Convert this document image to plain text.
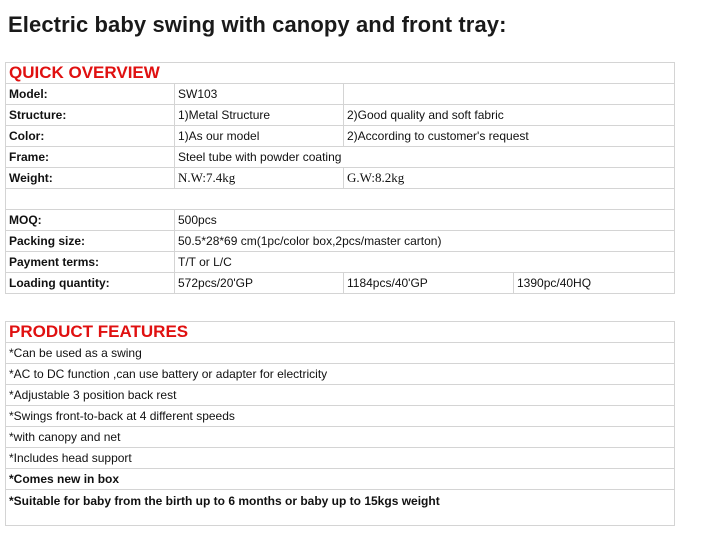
Electric baby swing with canopy and front tray:
QUICK OVERVIEW			
Model:	SW103		
Structure:	1)Metal Structure	2)Good quality and soft fabric	
Color:	1)As our model	2)According to customer's request	
Frame:	Steel tube with powder coating		
Weight:	N.W:7.4kg	G.W:8.2kg	

MOQ:	500pcs		
Packing size:	50.5*28*69 cm(1pc/color box,2pcs/master carton)		
Payment terms:	T/T or L/C		
Loading quantity:	572pcs/20'GP	1184pcs/40'GP	1390pc/40HQ
PRODUCT FEATURES
*Can be used as a swing
*AC to DC function ,can use battery or adapter for electricity
*Adjustable 3 position back rest
*Swings front-to-back at 4 different speeds
*with canopy and net
*Includes head support
*Comes new in box
*Suitable for baby from the birth up to 6 months or baby up to 15kgs weight
